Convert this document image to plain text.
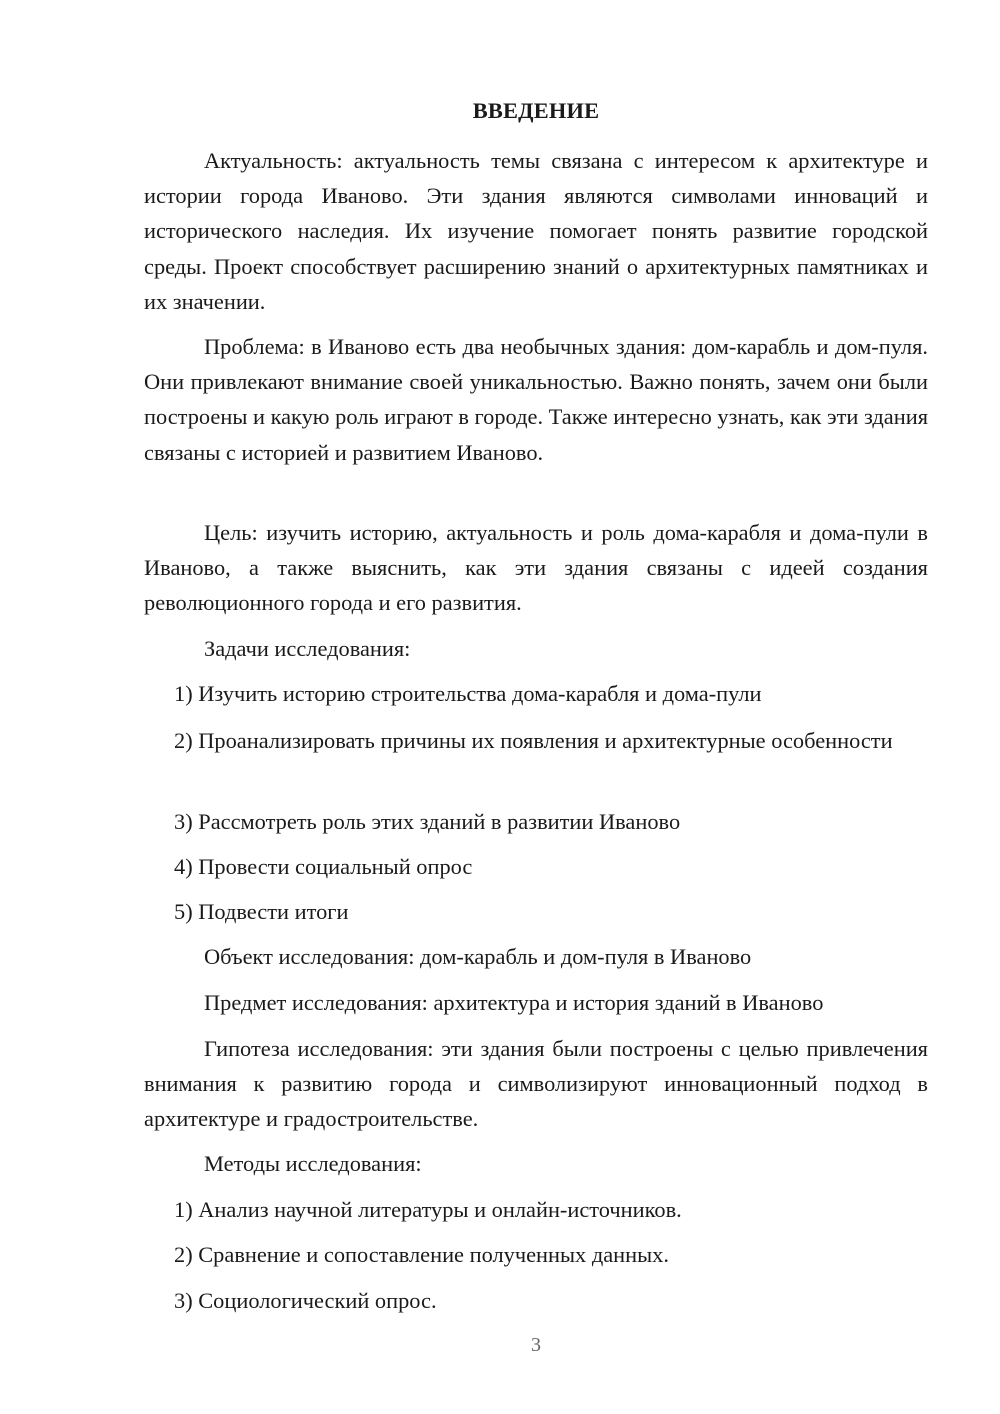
ВВЕДЕНИЕ

Актуальность: актуальность темы связана с интересом к архитектуре и истории города Иваново. Эти здания являются символами инноваций и исторического наследия. Их изучение помогает понять развитие городской среды. Проект способствует расширению знаний о архитектурных памятниках и их значении.

Проблема: в Иваново есть два необычных здания: дом-карабль и дом-пуля. Они привлекают внимание своей уникальностью. Важно понять, зачем они были построены и какую роль играют в городе. Также интересно узнать, как эти здания связаны с историей и развитием Иваново.

Цель: изучить историю, актуальность и роль дома-карабля и дома-пули в Иваново, а также выяснить, как эти здания связаны с идеей создания революционного города и его развития.

Задачи исследования:

1) Изучить историю строительства дома-карабля и дома-пули

2) Проанализировать причины их появления и архитектурные особенности

3) Рассмотреть роль этих зданий в развитии Иваново

4) Провести социальный опрос

5) Подвести итоги

Объект исследования: дом-карабль и дом-пуля в Иваново

Предмет исследования: архитектура и история зданий в Иваново

Гипотеза исследования: эти здания были построены с целью привлечения внимания к развитию города и символизируют инновационный подход в архитектуре и градостроительстве.

Методы исследования:

1) Анализ научной литературы и онлайн-источников.

2) Сравнение и сопоставление полученных данных.

3) Социологический опрос.

3
